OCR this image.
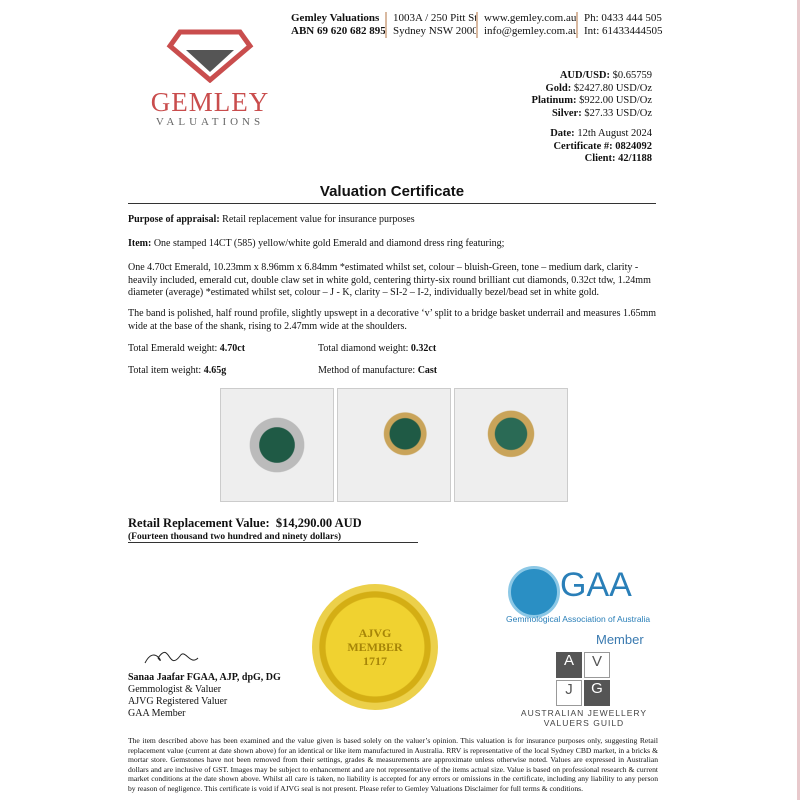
GEMLEY
VALUATIONS
Gemley Valuations
ABN 69 620 682 895
1003A / 250 Pitt St
Sydney NSW 2000
www.gemley.com.au
info@gemley.com.au
Ph: 0433 444 505
Int: 61433444505
AUD/USD: $0.65759
Gold: $2427.80 USD/Oz
Platinum: $922.00 USD/Oz
Silver: $27.33 USD/Oz
Date: 12th August 2024
Certificate #: 0824092
Client: 42/1188
Valuation Certificate
Purpose of appraisal: Retail replacement value for insurance purposes
Item: One stamped 14CT (585) yellow/white gold Emerald and diamond dress ring featuring;
One 4.70ct Emerald, 10.23mm x 8.96mm x 6.84mm *estimated whilst set, colour – bluish-Green, tone – medium dark, clarity - heavily included, emerald cut, double claw set in white gold, centering thirty-six round brilliant cut diamonds, 0.32ct tdw, 1.24mm diameter (average) *estimated whilst set, colour – J - K, clarity – SI-2 – I-2, individually bezel/bead set in white gold.
The band is polished, half round profile, slightly upswept in a decorative ‘v’ split to a bridge basket underrail and measures 1.65mm wide at the base of the shank, rising to 2.47mm wide at the shoulders.
Total Emerald weight: 4.70ct	Total diamond weight: 0.32ct
Total item weight: 4.65g	Method of manufacture: Cast
Retail Replacement Value: $14,290.00 AUD
(Fourteen thousand two hundred and ninety dollars)
Sanaa Jaafar FGAA, AJP, dpG, DG
Gemmologist & Valuer
AJVG Registered Valuer
GAA Member
AJVG
MEMBER
1717
GAA
Gemmological Association of Australia
Member
A	V
J	G
AUSTRALIAN JEWELLERY
VALUERS GUILD
The item described above has been examined and the value given is based solely on the valuer’s opinion. This valuation is for insurance purposes only, suggesting Retail replacement value (current at date shown above) for an identical or like item manufactured in Australia. RRV is representative of the local Sydney CBD market, in a bricks & mortar store. Gemstones have not been removed from their settings, grades & measurements are approximate unless otherwise noted. Values are expressed in Australian dollars and are inclusive of GST. Images may be subject to enhancement and are not representative of the items actual size. Value is based on professional research & current market conditions at the date shown above. Whilst all care is taken, no liability is accepted for any errors or omissions in the certificate, including any liability to any person by reason of negligence. This certificate is void if AJVG seal is not present. Please refer to Gemley Valuations Disclaimer for full terms & conditions.
